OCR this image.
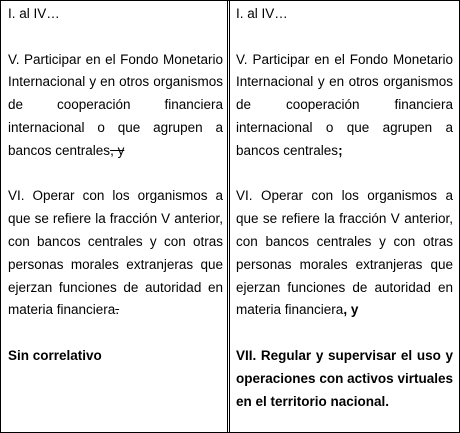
I. al IV…

V. Participar en el Fondo Monetario Internacional y en otros organismos de cooperación financiera internacional o que agrupen a bancos centrales, y

VI. Operar con los organismos a que se refiere la fracción V anterior, con bancos centrales y con otras personas morales extranjeras que ejerzan funciones de autoridad en materia financiera.

Sin correlativo

I. al IV…

V. Participar en el Fondo Monetario Internacional y en otros organismos de cooperación financiera internacional o que agrupen a bancos centrales;

VI. Operar con los organismos a que se refiere la fracción V anterior, con bancos centrales y con otras personas morales extranjeras que ejerzan funciones de autoridad en materia financiera, y

VII. Regular y supervisar el uso y operaciones con activos virtuales en el territorio nacional.
